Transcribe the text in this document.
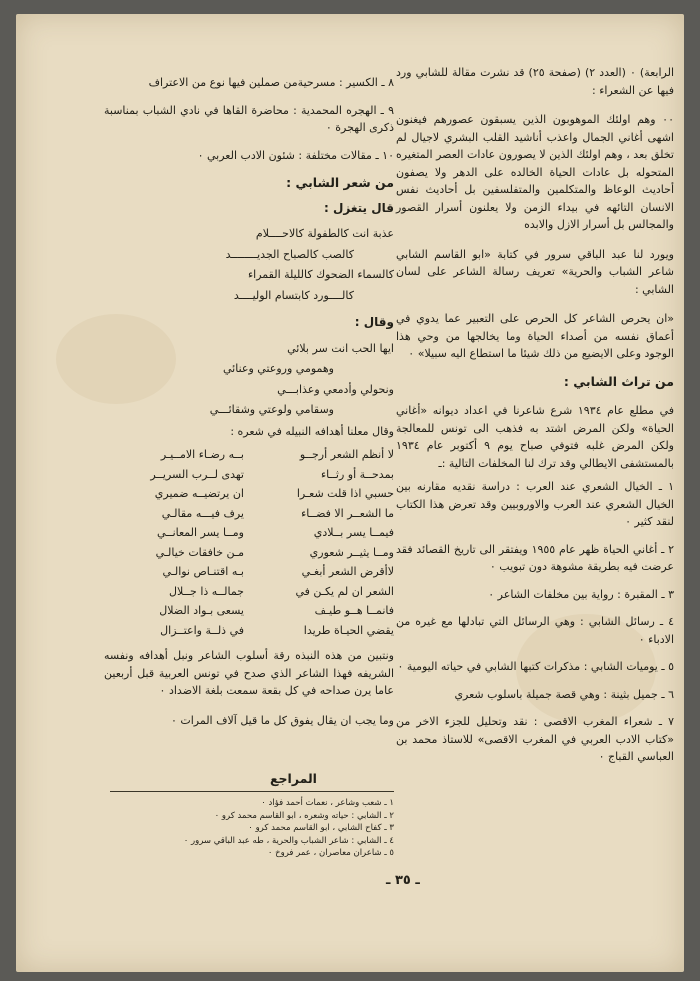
الرابعة) ٠ (العدد ٢) (صفحة ٢٥) قد نشرت مقالة للشابي ورد فيها عن الشعراء :

٠٠ وهم اولئك الموهوبون الذين يسبقون عصورهم فيغنون اشهى أغاني الجمال واعذب أناشيد القلب البشري لاجيال لم تخلق بعد ، وهم اولئك الذين لا يصورون عادات العصر المتغيره المتحوله بل عادات الحياة الخالده على الدهر ولا يصفون أحاديث الوعاظ والمتكلمين والمتفلسفين بل أحاديث نفس الانسان التائهه في بيداء الزمن ولا يعلنون أسرار القصور والمجالس بل أسرار الازل والابده

ويورد لنا عبد الباقي سرور في كتابة «ابو القاسم الشابي شاعر الشباب والحرية» تعريف رسالة الشاعر على لسان الشابي :

«ان يحرص الشاعر كل الحرص على التعبير عما يدوي في أعماق نفسه من أصداء الحياة وما يخالجها من وحي هذا الوجود وعلى الايضيع من ذلك شيئا ما استطاع اليه سبيلا» ٠

من تراث الشابي :

في مطلع عام ١٩٣٤ شرع شاعرنا في اعداد ديوانه «أغاني الحياة» ولكن المرض اشتد به فذهب الى تونس للمعالجة ولكن المرض غلبه فتوفي صباح يوم ٩ أكتوبر عام ١٩٣٤ بالمستشفى الايطالي وقد ترك لنا المخلفات التالية :ـ

١ ـ الخيال الشعري عند العرب : دراسة نقديه مقارنه بين الخيال الشعري عند العرب والاوروبيين وقد تعرض هذا الكتاب لنقد كثير ٠

٢ ـ أغاني الحياة ظهر عام ١٩٥٥ ويفتقر الى تاريخ القصائد فقد عرضت فيه بطريقة مشوهة دون تبويب ٠

٣ ـ المقبرة : رواية بين مخلفات الشاعر ٠

٤ ـ رسائل الشابي : وهي الرسائل التي تبادلها مع غيره من الادباء ٠

٥ ـ يوميات الشابي : مذكرات كتبها الشابي في حياته اليومية ٠

٦ ـ جميل بثينة : وهي قصة جميلة باسلوب شعري

٧ ـ شعراء المغرب الاقصى : نقد وتحليل للجزء الاخر من «كتاب الادب العربي في المغرب الاقصى» للاستاذ محمد بن العباسي القباج ٠

٨ ـ الكسير : مسرحيةمن صملين فيها نوع من الاعتراف

٩ ـ الهجره المحمدية : محاضرة القاها في نادي الشباب بمناسبة ذكرى الهجرة ٠

١٠ ـ مقالات مختلفة : شئون الادب العربي ٠

من شعر الشابي :
قال يتغزل :
عذبة انت كالطفولة كالاحــــلام
كالصب كالصباح الجديــــــــد
كالسماء الضحوك كالليلة القمراء
كالــــورد كابتسام الوليــــد
وقال :
ايها الحب انت سر بلائي
وهمومي وروعتي وعنائي
ونحولي وأدمعي وعذابـــي
وسقامي ولوعتي وشقائـــي

وقال معلنا أهدافه النبيله في شعره :

لا أنظم الشعر أرجــو
بــه رضـاء الامــيـر
بمدحــة أو رثــاء
تهدى لــرب السريــر
حسبي اذا قلت شعـرا
ان يرتضيــه ضميري
ما الشعــر الا فضــاء
يرف فيـــه مقالـي
فيمــا يسر بــلادي
ومــا يسر المعانــي
ومــا يثيــر شعوري
مـن خافقات خيالـي
لاأقرض الشعر أبغـي
بـه اقتنـاص نوالـي
الشعر ان لم يكـن في
جمالــه ذا جــلال
فانمــا هــو طيـف
يسعى بـواد الضلال
يقضي الحيـاة طريدا
في ذلــة واعتــزال

ونتبين من هذه النبذه رقة أسلوب الشاعر ونبل أهدافه ونفسه الشريفه فهذا الشاعر الذي صدح في تونس العربية قبل أربعين عاما يرن صداحه في كل بقعة سمعت بلغة الاضداد ٠

وما يجب ان يقال يفوق كل ما قيل آلاف المرات ٠

المراجع
١ ـ شعب وشاعر ، نعمات أحمد فؤاد ٠
٢ ـ الشابي : حياته وشعره ، ابو القاسم محمد كرو ٠
٣ ـ كفاح الشابي ، ابو القاسم محمد كرو ٠
٤ ـ الشابي : شاعر الشباب والحرية ، طه عبد الباقي سرور ٠
٥ ـ شاعران معاصران ، عمر فروخ ٠
ـ ٣٥ ـ
